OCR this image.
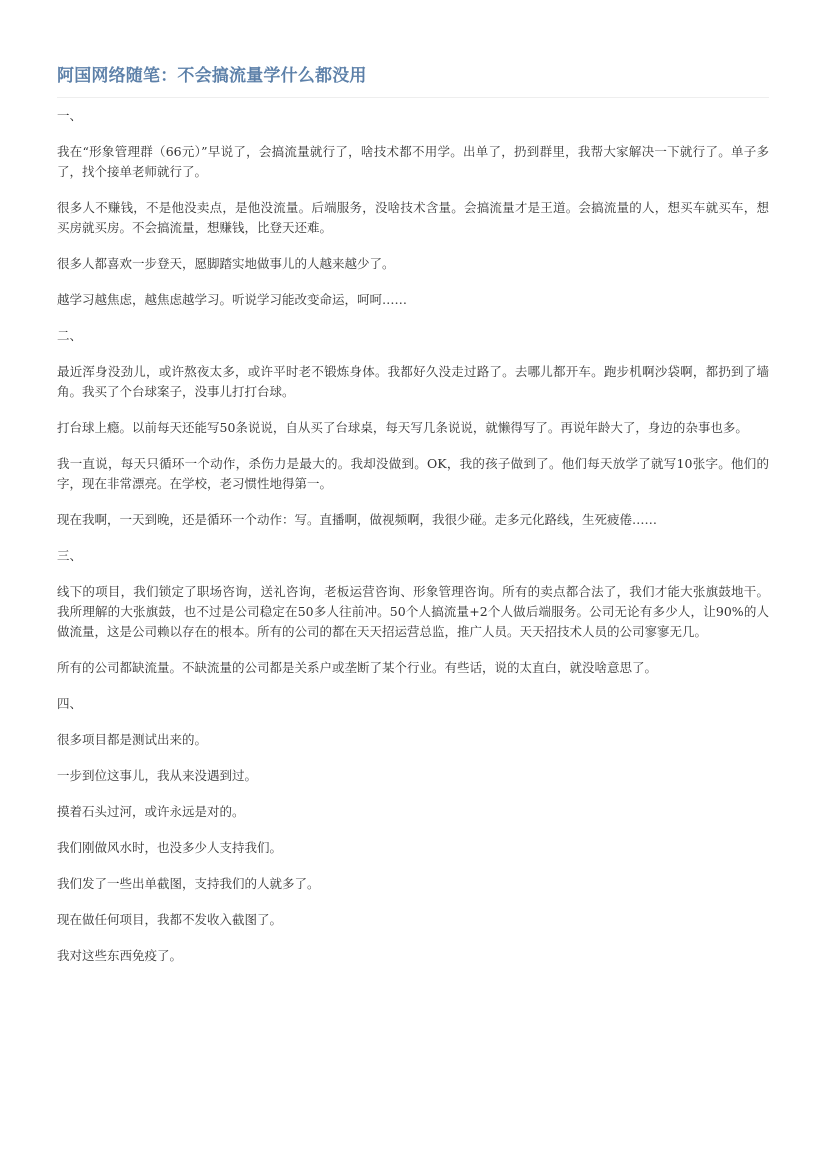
阿国网络随笔：不会搞流量学什么都没用

一、

我在“形象管理群（66元）”早说了，会搞流量就行了，啥技术都不用学。出单了，扔到群里，我帮大家解决一下就行了。单子多了，找个接单老师就行了。

很多人不赚钱，不是他没卖点，是他没流量。后端服务，没啥技术含量。会搞流量才是王道。会搞流量的人，想买车就买车，想买房就买房。不会搞流量，想赚钱，比登天还难。

很多人都喜欢一步登天，愿脚踏实地做事儿的人越来越少了。

越学习越焦虑，越焦虑越学习。听说学习能改变命运，呵呵……

二、

最近浑身没劲儿，或许熬夜太多，或许平时老不锻炼身体。我都好久没走过路了。去哪儿都开车。跑步机啊沙袋啊，都扔到了墙角。我买了个台球案子，没事儿打打台球。

打台球上瘾。以前每天还能写50条说说，自从买了台球桌，每天写几条说说，就懒得写了。再说年龄大了，身边的杂事也多。

我一直说，每天只循环一个动作，杀伤力是最大的。我却没做到。OK，我的孩子做到了。他们每天放学了就写10张字。他们的字，现在非常漂亮。在学校，老习惯性地得第一。

现在我啊，一天到晚，还是循环一个动作：写。直播啊，做视频啊，我很少碰。走多元化路线，生死疲倦……

三、

线下的项目，我们锁定了职场咨询，送礼咨询，老板运营咨询、形象管理咨询。所有的卖点都合法了，我们才能大张旗鼓地干。我所理解的大张旗鼓，也不过是公司稳定在50多人往前冲。50个人搞流量+2个人做后端服务。公司无论有多少人，让90%的人做流量，这是公司赖以存在的根本。所有的公司的都在天天招运营总监，推广人员。天天招技术人员的公司寥寥无几。

所有的公司都缺流量。不缺流量的公司都是关系户或垄断了某个行业。有些话，说的太直白，就没啥意思了。

四、

很多项目都是测试出来的。

一步到位这事儿，我从来没遇到过。

摸着石头过河，或许永远是对的。

我们刚做风水时，也没多少人支持我们。

我们发了一些出单截图，支持我们的人就多了。

现在做任何项目，我都不发收入截图了。

我对这些东西免疫了。
